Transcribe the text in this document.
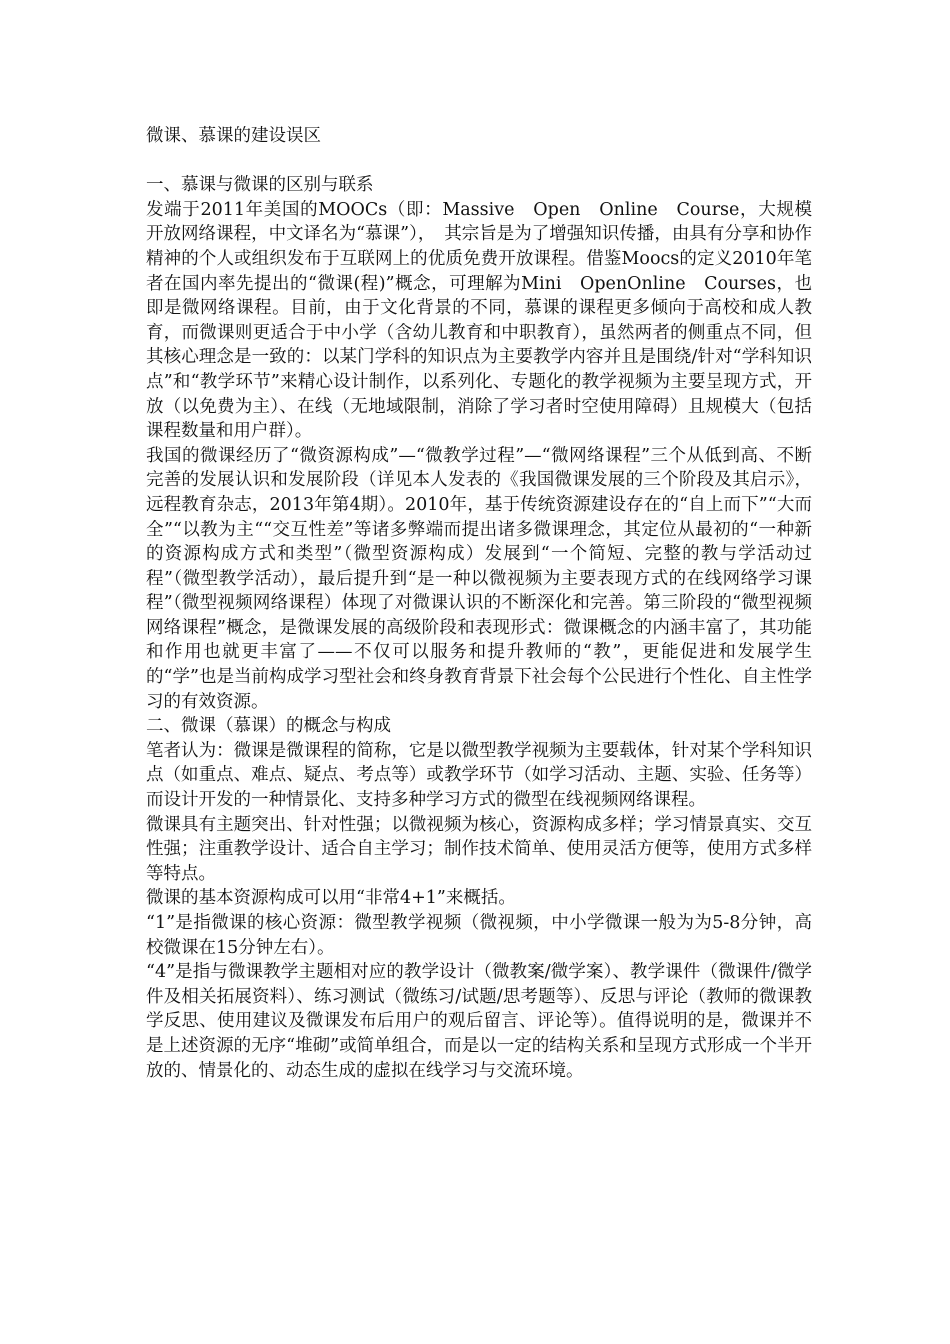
微课、慕课的建设误区

一、慕课与微课的区别与联系

发端于2011年美国的MOOCs（即：Massive　Open　Online　Course，大规模开放网络课程，中文译名为“慕课”），　其宗旨是为了增强知识传播，由具有分享和协作精神的个人或组织发布于互联网上的优质免费开放课程。借鉴Moocs的定义2010年笔者在国内率先提出的“微课(程)”概念，可理解为Mini　OpenOnline　Courses，也即是微网络课程。目前，由于文化背景的不同，慕课的课程更多倾向于高校和成人教育，而微课则更适合于中小学（含幼儿教育和中职教育），虽然两者的侧重点不同，但其核心理念是一致的：以某门学科的知识点为主要教学内容并且是围绕/针对“学科知识点”和“教学环节”来精心设计制作，以系列化、专题化的教学视频为主要呈现方式，开放（以免费为主）、在线（无地域限制，消除了学习者时空使用障碍）且规模大（包括课程数量和用户群）。

我国的微课经历了“微资源构成”—“微教学过程”—“微网络课程”三个从低到高、不断完善的发展认识和发展阶段（详见本人发表的《我国微课发展的三个阶段及其启示》，远程教育杂志，2013年第4期）。2010年，基于传统资源建设存在的“自上而下”“大而全”“以教为主““交互性差”等诸多弊端而提出诸多微课理念，其定位从最初的“一种新的资源构成方式和类型”（微型资源构成）发展到“一个简短、完整的教与学活动过程”（微型教学活动），最后提升到“是一种以微视频为主要表现方式的在线网络学习课程”（微型视频网络课程）体现了对微课认识的不断深化和完善。第三阶段的“微型视频网络课程”概念，是微课发展的高级阶段和表现形式：微课概念的内涵丰富了，其功能和作用也就更丰富了——不仅可以服务和提升教师的“教”，更能促进和发展学生的“学”也是当前构成学习型社会和终身教育背景下社会每个公民进行个性化、自主性学习的有效资源。

二、微课（慕课）的概念与构成

笔者认为：微课是微课程的简称，它是以微型教学视频为主要载体，针对某个学科知识点（如重点、难点、疑点、考点等）或教学环节（如学习活动、主题、实验、任务等）而设计开发的一种情景化、支持多种学习方式的微型在线视频网络课程。

微课具有主题突出、针对性强；以微视频为核心，资源构成多样；学习情景真实、交互性强；注重教学设计、适合自主学习；制作技术简单、使用灵活方便等，使用方式多样等特点。

微课的基本资源构成可以用“非常4+1”来概括。

“1”是指微课的核心资源：微型教学视频（微视频，中小学微课一般为为5-8分钟，高校微课在15分钟左右）。

“4”是指与微课教学主题相对应的教学设计（微教案/微学案）、教学课件（微课件/微学件及相关拓展资料）、练习测试（微练习/试题/思考题等）、反思与评论（教师的微课教学反思、使用建议及微课发布后用户的观后留言、评论等）。值得说明的是，微课并不是上述资源的无序“堆砌”或简单组合，而是以一定的结构关系和呈现方式形成一个半开放的、情景化的、动态生成的虚拟在线学习与交流环境。
